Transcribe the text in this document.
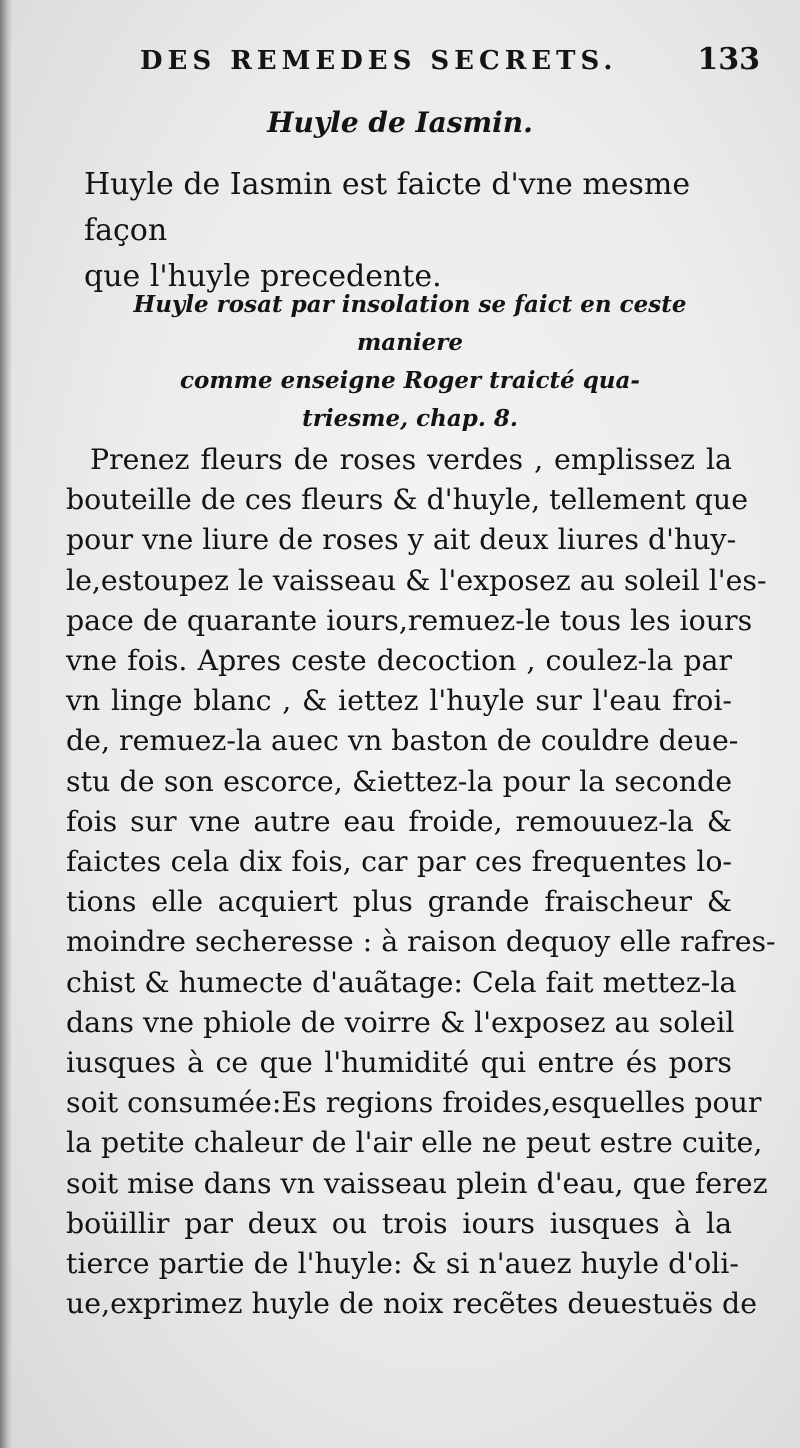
DES REMEDES SECRETS.	133
Huyle de Iasmin.
Huyle de Iasmin est faicte d'vne mesme façon
que l'huyle precedente.
Huyle rosat par insolation se faict en ceste maniere
comme enseigne Roger traicté qua-
triesme, chap. 8.
Prenez fleurs de roses verdes , emplissez la
bouteille de ces fleurs & d'huyle, tellement que
pour vne liure de roses y ait deux liures d'huy-
le,estoupez le vaisseau & l'exposez au soleil l'es-
pace de quarante iours,remuez-le tous les iours
vne fois. Apres ceste decoction , coulez-la par
vn linge blanc , & iettez l'huyle sur l'eau froi-
de, remuez-la auec vn baston de couldre deue-
stu de son escorce, &iettez-la pour la seconde
fois sur vne autre eau froide, remouuez-la &
faictes cela dix fois, car par ces frequentes lo-
tions elle acquiert plus grande fraischeur &
moindre secheresse : à raison dequoy elle rafres-
chist & humecte d'auãtage: Cela fait mettez-la
dans vne phiole de voirre & l'exposez au soleil
iusques à ce que l'humidité qui entre és pors
soit consumée:Es regions froides,esquelles pour
la petite chaleur de l'air elle ne peut estre cuite,
soit mise dans vn vaisseau plein d'eau, que ferez
boüillir par deux ou trois iours iusques à la
tierce partie de l'huyle: & si n'auez huyle d'oli-
ue,exprimez huyle de noix recẽtes deuestuës de
